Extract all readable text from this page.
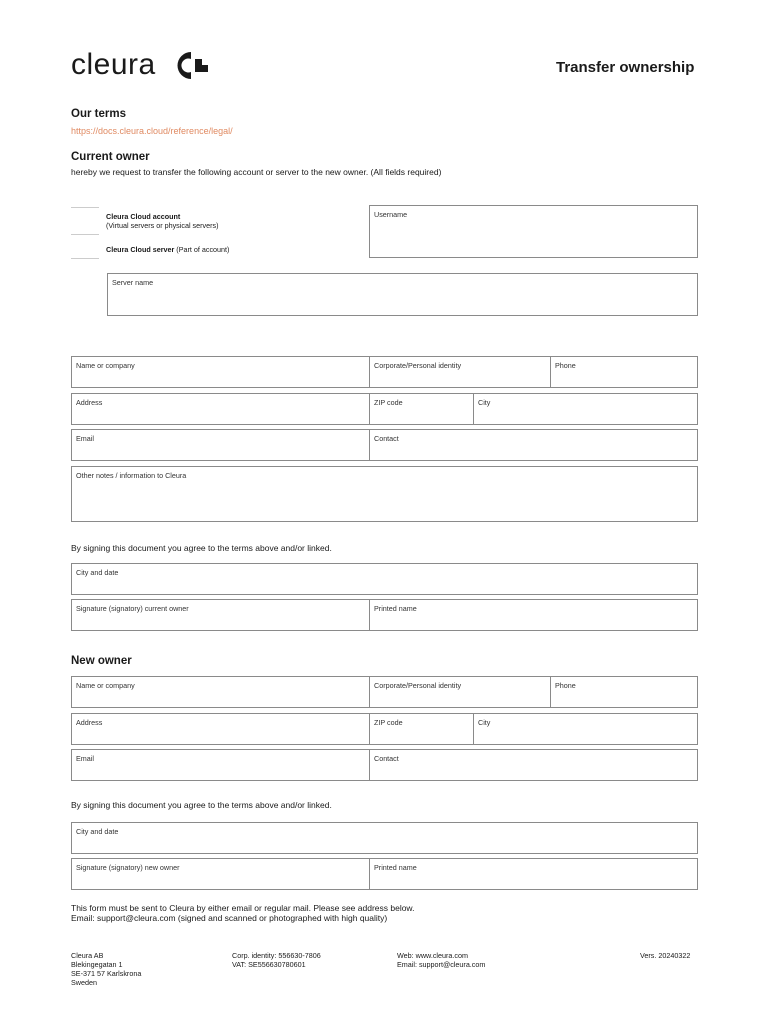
cleura	Transfer ownership
Our terms
https://docs.cleura.cloud/reference/legal/
Current owner
hereby we request to transfer the following account or server to the new owner. (All fields required)
Cleura Cloud account
(Virtual servers or physical servers)
Cleura Cloud server (Part of account)
Username
Server name
Name or company	Corporate/Personal identity	Phone
Address	ZIP code	City
Email	Contact
Other notes / information to Cleura
By signing this document you agree to the terms above and/or linked.
City and date
Signature (signatory) current owner	Printed name
New owner
Name or company	Corporate/Personal identity	Phone
Address	ZIP code	City
Email	Contact
By signing this document you agree to the terms above and/or linked.
City and date
Signature (signatory) new owner	Printed name
This form must be sent to Cleura by either email or regular mail. Please see address below.
Email: support@cleura.com (signed and scanned or photographed with high quality)
Cleura AB
Blekingegatan 1
SE-371 57 Karlskrona
Sweden
Corp. identity: 556630-7806
VAT: SE556630780601
Web: www.cleura.com
Email: support@cleura.com
Vers. 20240322
